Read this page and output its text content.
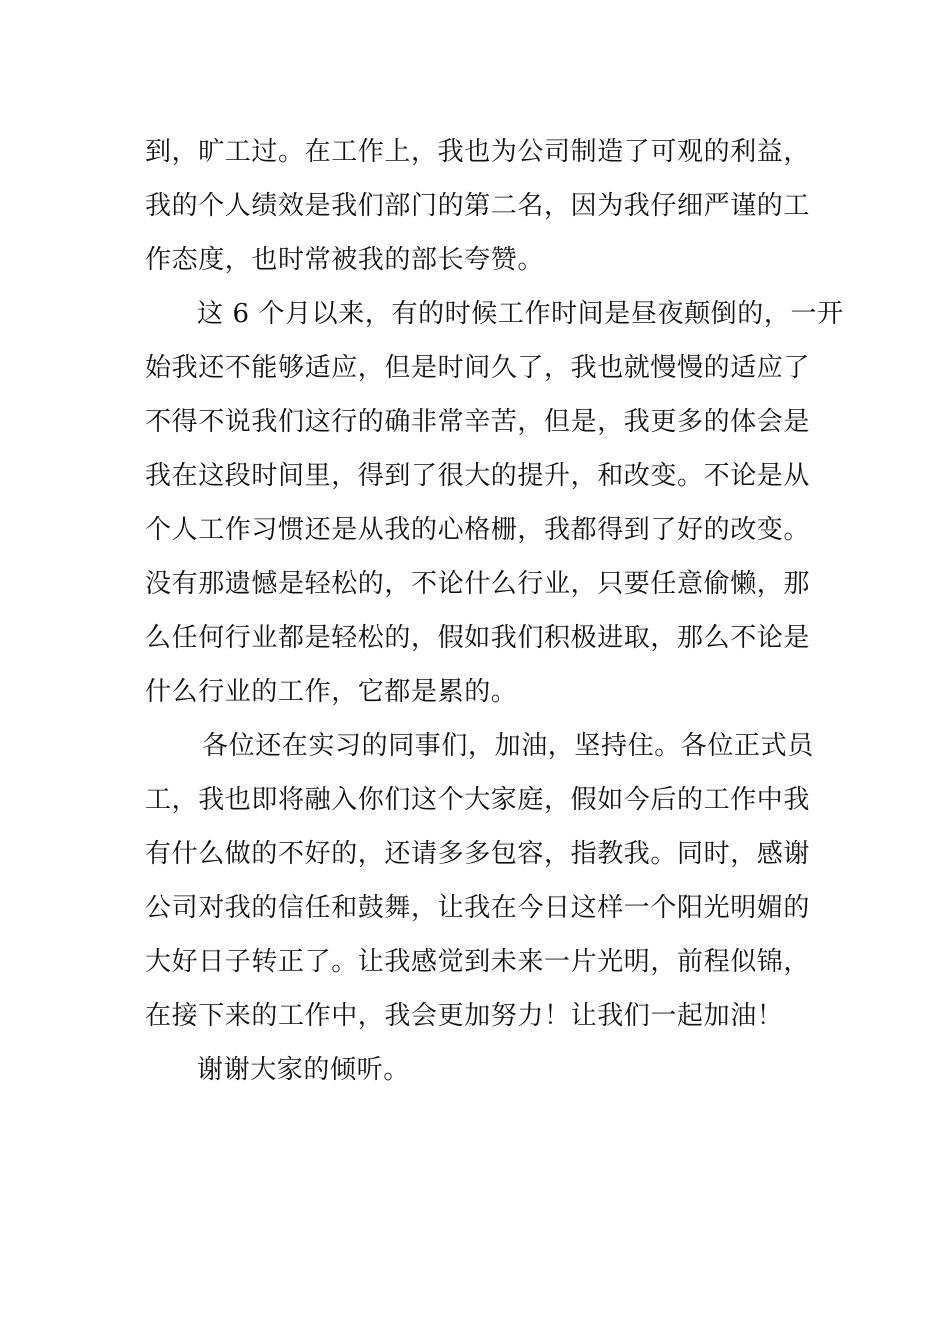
到，旷工过。在工作上，我也为公司制造了可观的利益，
我的个人绩效是我们部门的第二名，因为我仔细严谨的工
作态度，也时常被我的部长夸赞。
这 6 个月以来，有的时候工作时间是昼夜颠倒的，一开
始我还不能够适应，但是时间久了，我也就慢慢的适应了
不得不说我们这行的确非常辛苦，但是，我更多的体会是
我在这段时间里，得到了很大的提升，和改变。不论是从
个人工作习惯还是从我的心格栅，我都得到了好的改变。
没有那遗憾是轻松的，不论什么行业，只要任意偷懒，那
么任何行业都是轻松的，假如我们积极进取，那么不论是
什么行业的工作，它都是累的。
各位还在实习的同事们，加油，坚持住。各位正式员
工，我也即将融入你们这个大家庭，假如今后的工作中我
有什么做的不好的，还请多多包容，指教我。同时，感谢
公司对我的信任和鼓舞，让我在今日这样一个阳光明媚的
大好日子转正了。让我感觉到未来一片光明，前程似锦，
在接下来的工作中，我会更加努力！让我们一起加油！
谢谢大家的倾听。
